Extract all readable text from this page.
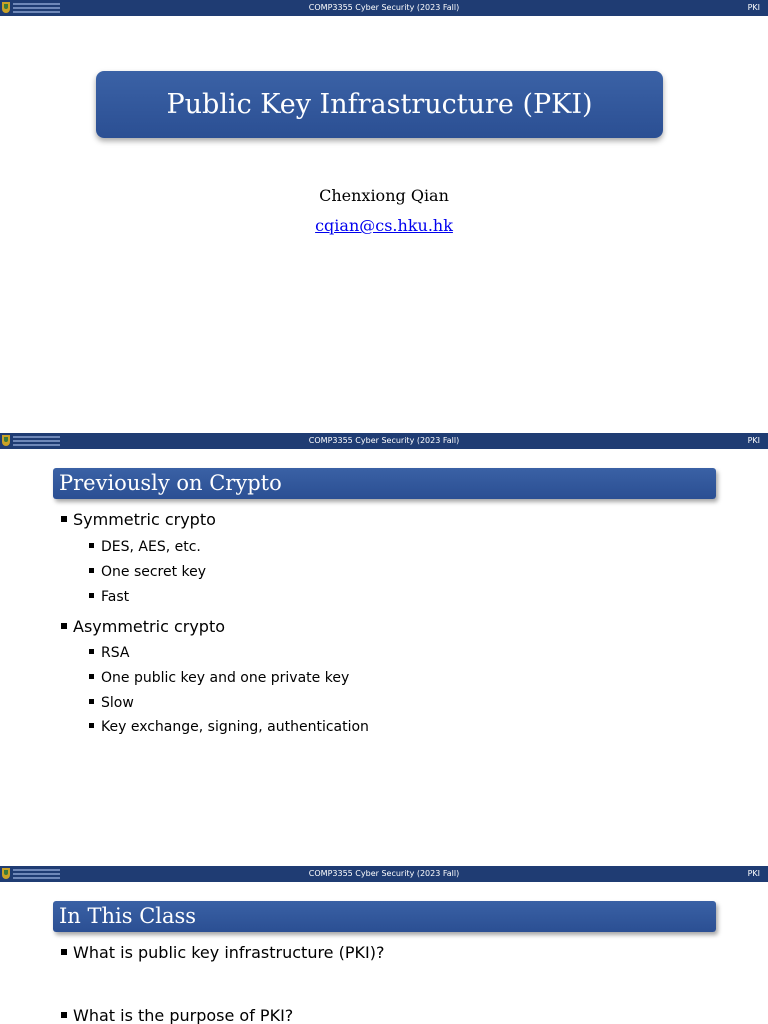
COMP3355 Cyber Security (2023 Fall)	PKI
Public Key Infrastructure (PKI)
Chenxiong Qian
cqian@cs.hku.hk
COMP3355 Cyber Security (2023 Fall)	PKI
Previously on Crypto
Symmetric crypto
DES, AES, etc.
One secret key
Fast
Asymmetric crypto
RSA
One public key and one private key
Slow
Key exchange, signing, authentication
COMP3355 Cyber Security (2023 Fall)	PKI
In This Class
What is public key infrastructure (PKI)?
What is the purpose of PKI?
